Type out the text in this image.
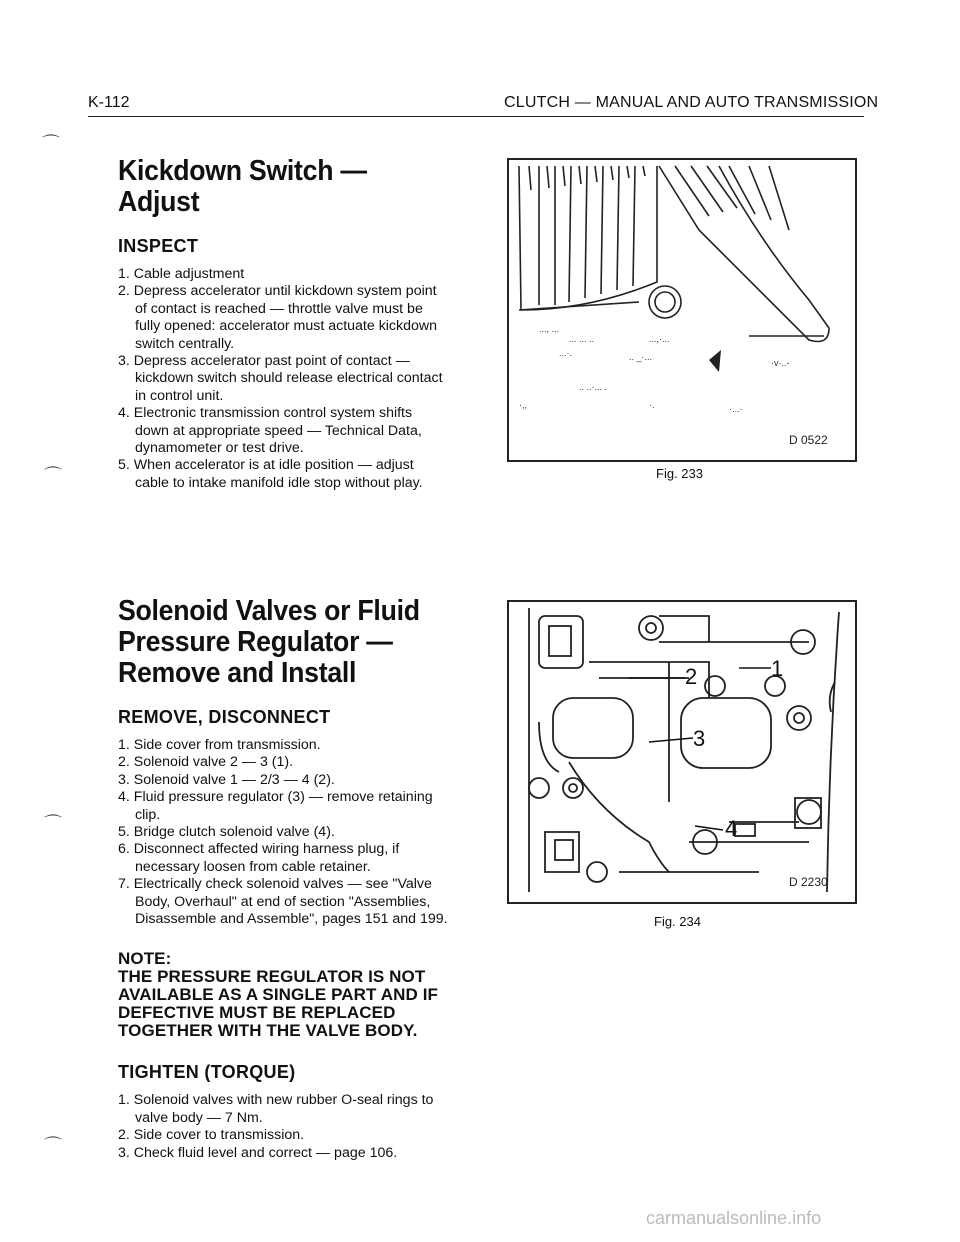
K-112	CLUTCH — MANUAL AND AUTO TRANSMISSION
⌒
⌒
⌒
⌒
Kickdown Switch —
Adjust
INSPECT
1. Cable adjustment
2. Depress accelerator until kickdown system point of contact is reached — throttle valve must be fully opened: accelerator must actuate kickdown switch centrally.
3. Depress accelerator past point of contact — kickdown switch should release electrical contact in control unit.
4. Electronic transmission control system shifts down at appropriate speed — Technical Data, dynamometer or test drive.
5. When accelerator is at idle position — adjust cable to intake manifold idle stop without play.
..., ...
... ... ..	...,·...
...·.	.. _·...
·v·..-
.. ..·... .
·,,	·.	·...·
D 0522
Fig. 233
Solenoid Valves or Fluid
Pressure Regulator —
Remove and Install
REMOVE, DISCONNECT
1. Side cover from transmission.
2. Solenoid valve 2 — 3 (1).
3. Solenoid valve 1 — 2/3 — 4 (2).
4. Fluid pressure regulator (3) — remove retaining clip.
5. Bridge clutch solenoid valve (4).
6. Disconnect affected wiring harness plug, if necessary loosen from cable retainer.
7. Electrically check solenoid valves — see "Valve Body, Overhaul" at end of section "Assemblies, Disassemble and Assemble", pages 151 and 199.
NOTE:
THE PRESSURE REGULATOR IS NOT AVAILABLE AS A SINGLE PART AND IF DEFECTIVE MUST BE REPLACED TOGETHER WITH THE VALVE BODY.
TIGHTEN (TORQUE)
1. Solenoid valves with new rubber O-seal rings to valve body — 7 Nm.
2. Side cover to transmission.
3. Check fluid level and correct — page 106.
1
2
3
4
D 2230
Fig. 234
carmanualsonline.info
